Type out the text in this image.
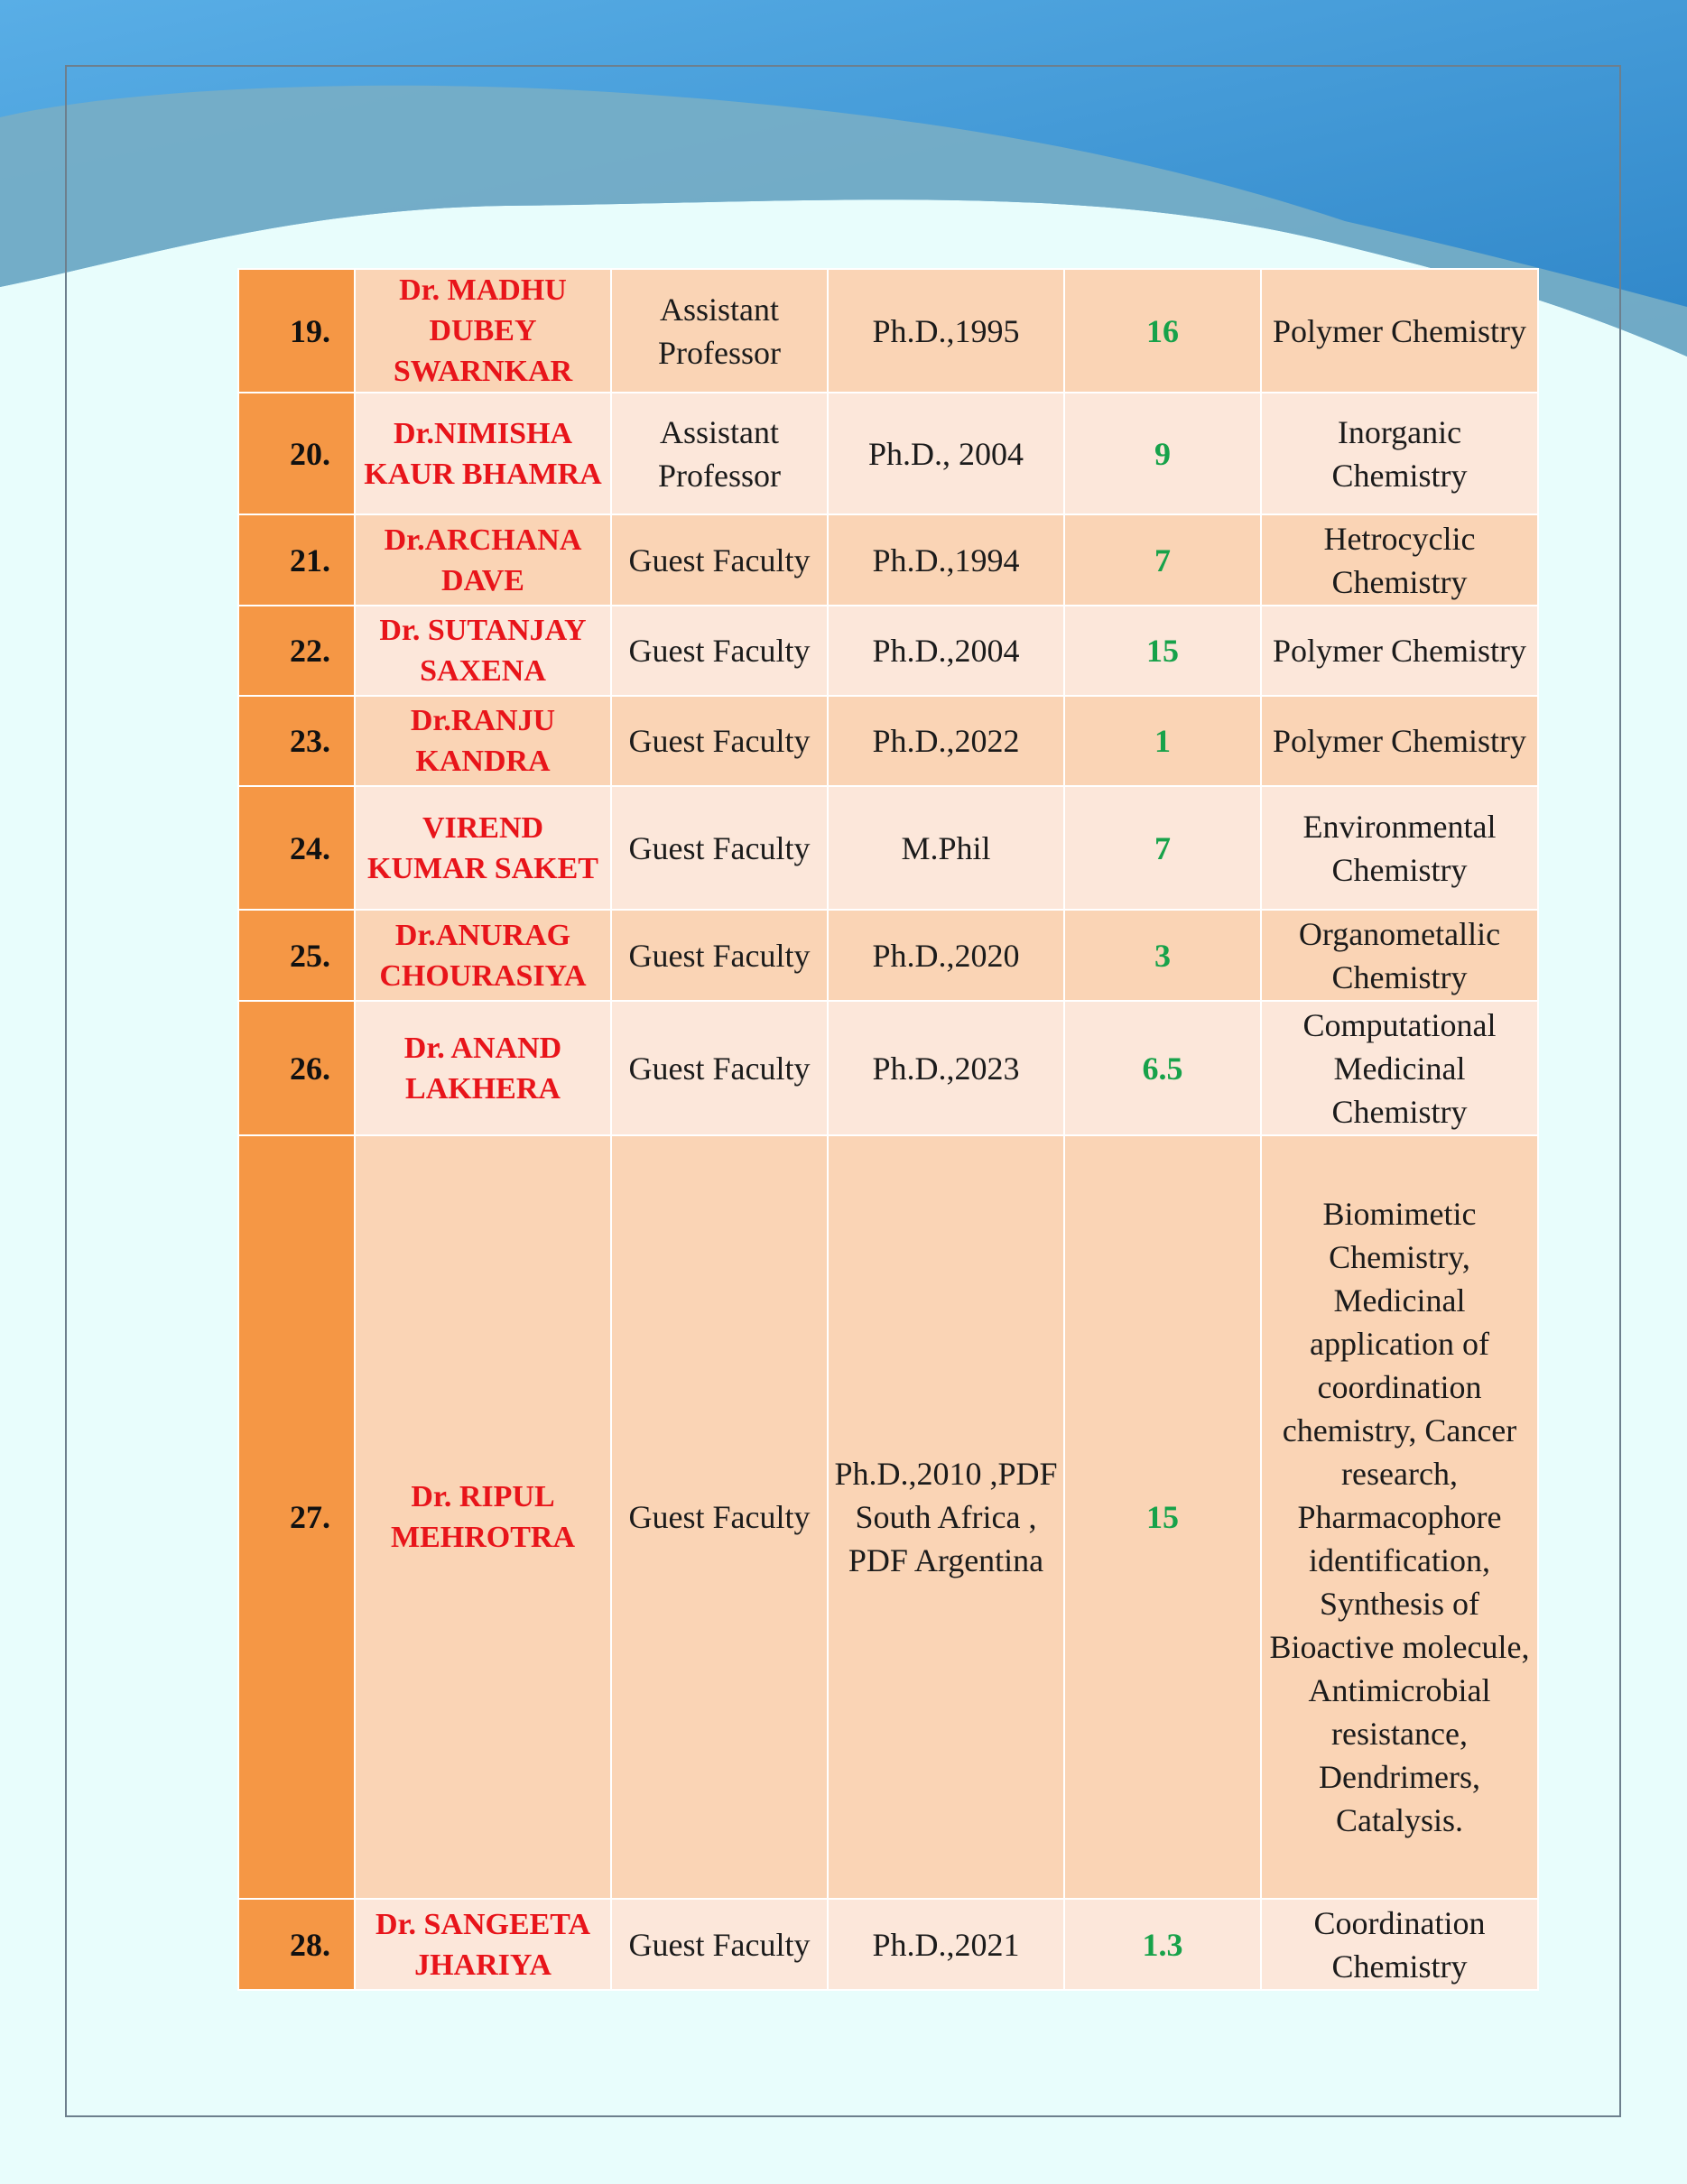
19.	Dr. MADHU DUBEY SWARNKAR	Assistant Professor	Ph.D.,1995	16	Polymer Chemistry
20.	Dr.NIMISHA KAUR BHAMRA	Assistant Professor	Ph.D., 2004	9	Inorganic Chemistry
21.	Dr.ARCHANA DAVE	Guest Faculty	Ph.D.,1994	7	Hetrocyclic Chemistry
22.	Dr. SUTANJAY SAXENA	Guest Faculty	Ph.D.,2004	15	Polymer Chemistry
23.	Dr.RANJU KANDRA	Guest Faculty	Ph.D.,2022	1	Polymer Chemistry
24.	VIREND KUMAR SAKET	Guest Faculty	M.Phil	7	Environmental Chemistry
25.	Dr.ANURAG CHOURASIYA	Guest Faculty	Ph.D.,2020	3	Organometallic Chemistry
26.	Dr. ANAND LAKHERA	Guest Faculty	Ph.D.,2023	6.5	Computational Medicinal Chemistry
27.	Dr. RIPUL MEHROTRA	Guest Faculty	Ph.D.,2010 ,PDF South Africa , PDF Argentina	15	Biomimetic Chemistry, Medicinal application of coordination chemistry, Cancer research, Pharmacophore identification, Synthesis of Bioactive molecule, Antimicrobial resistance, Dendrimers, Catalysis.
28.	Dr. SANGEETA JHARIYA	Guest Faculty	Ph.D.,2021	1.3	Coordination Chemistry
